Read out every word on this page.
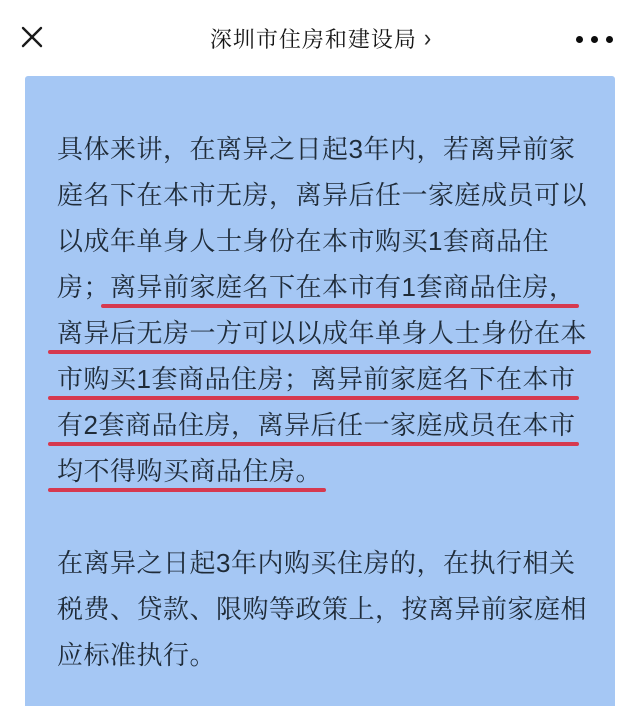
深圳市住房和建设局 ›
具体来讲，在离异之日起3年内，若离异前家
庭名下在本市无房，离异后任一家庭成员可以
以成年单身人士身份在本市购买1套商品住
房；离异前家庭名下在本市有1套商品住房，
离异后无房一方可以以成年单身人士身份在本
市购买1套商品住房；离异前家庭名下在本市
有2套商品住房，离异后任一家庭成员在本市
均不得购买商品住房。
在离异之日起3年内购买住房的，在执行相关
税费、贷款、限购等政策上，按离异前家庭相
应标准执行。
